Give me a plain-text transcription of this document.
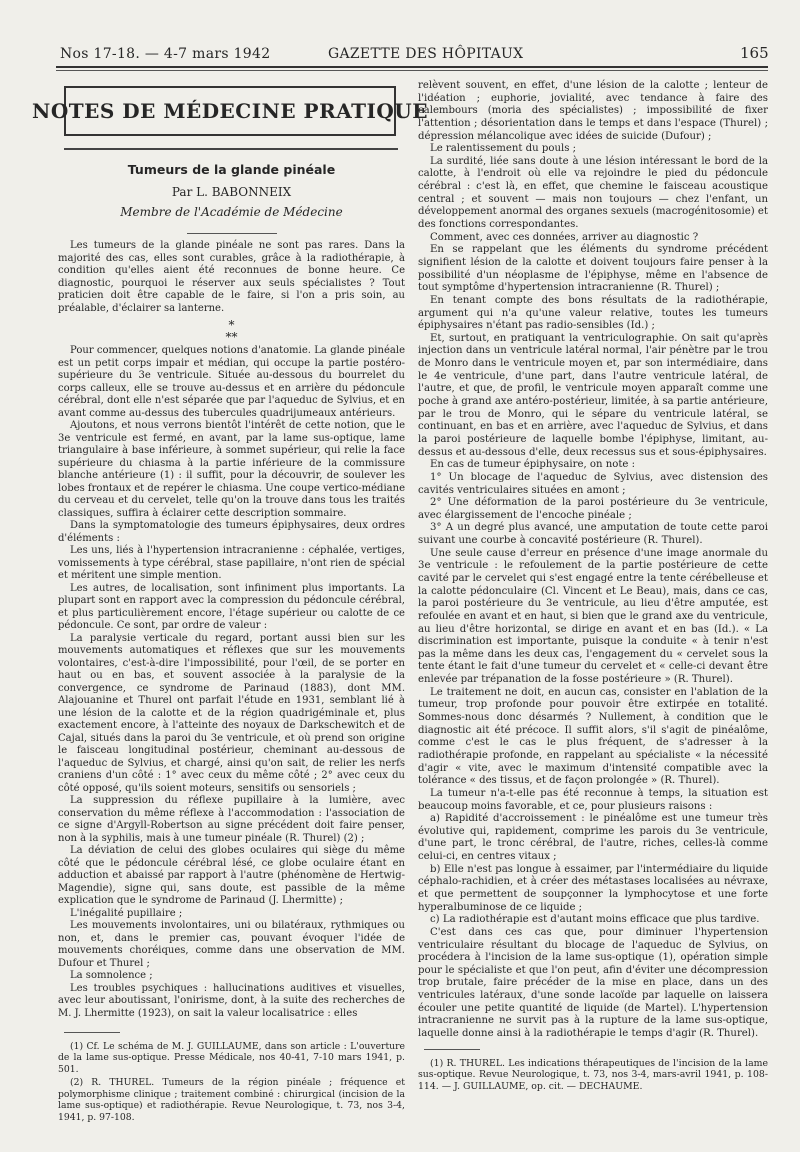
Nos 17-18. — 4-7 mars 1942	GAZETTE DES HÔPITAUX	165
NOTES DE MÉDECINE PRATIQUE
Tumeurs de la glande pinéale
Par L. BABONNEIX
Membre de l'Académie de Médecine

Les tumeurs de la glande pinéale ne sont pas rares. Dans la majorité des cas, elles sont curables, grâce à la radiothérapie, à condition qu'elles aient été reconnues de bonne heure. Ce diagnostic, pourquoi le réserver aux seuls spécialistes ? Tout praticien doit être capable de le faire, si l'on a pris soin, au préalable, d'éclairer sa lanterne.

*
**

Pour commencer, quelques notions d'anatomie. La glande pinéale est un petit corps impair et médian, qui occupe la partie postéro-supérieure du 3e ventricule. Située au-dessous du bourrelet du corps calleux, elle se trouve au-dessus et en arrière du pédoncule cérébral, dont elle n'est séparée que par l'aqueduc de Sylvius, et en avant comme au-dessus des tubercules quadrijumeaux antérieurs.

Ajoutons, et nous verrons bientôt l'intérêt de cette notion, que le 3e ventricule est fermé, en avant, par la lame sus-optique, lame triangulaire à base inférieure, à sommet supérieur, qui relie la face supérieure du chiasma à la partie inférieure de la commissure blanche antérieure (1) : il suffit, pour la découvrir, de soulever les lobes frontaux et de repérer le chiasma. Une coupe vertico-médiane du cerveau et du cervelet, telle qu'on la trouve dans tous les traités classiques, suffira à éclairer cette description sommaire.

Dans la symptomatologie des tumeurs épiphysaires, deux ordres d'éléments :

Les uns, liés à l'hypertension intracranienne : céphalée, vertiges, vomissements à type cérébral, stase papillaire, n'ont rien de spécial et méritent une simple mention.

Les autres, de localisation, sont infiniment plus importants. La plupart sont en rapport avec la compression du pédoncule cérébral, et plus particulièrement encore, l'étage supérieur ou calotte de ce pédoncule. Ce sont, par ordre de valeur :

La paralysie verticale du regard, portant aussi bien sur les mouvements automatiques et réflexes que sur les mouvements volontaires, c'est-à-dire l'impossibilité, pour l'œil, de se porter en haut ou en bas, et souvent associée à la paralysie de la convergence, ce syndrome de Parinaud (1883), dont MM. Alajouanine et Thurel ont parfait l'étude en 1931, semblant lié à une lésion de la calotte et de la région quadrigéminale et, plus exactement encore, à l'atteinte des noyaux de Darkschewitch et de Cajal, situés dans la paroi du 3e ventricule, et où prend son origine le faisceau longitudinal postérieur, cheminant au-dessous de l'aqueduc de Sylvius, et chargé, ainsi qu'on sait, de relier les nerfs craniens d'un côté : 1° avec ceux du même côté ; 2° avec ceux du côté opposé, qu'ils soient moteurs, sensitifs ou sensoriels ;

La suppression du réflexe pupillaire à la lumière, avec conservation du même réflexe à l'accommodation : l'association de ce signe d'Argyll-Robertson au signe précédent doit faire penser, non à la syphilis, mais à une tumeur pinéale (R. Thurel) (2) ;

La déviation de celui des globes oculaires qui siège du même côté que le pédoncule cérébral lésé, ce globe oculaire étant en adduction et abaissé par rapport à l'autre (phénomène de Hertwig-Magendie), signe qui, sans doute, est passible de la même explication que le syndrome de Parinaud (J. Lhermitte) ;

L'inégalité pupillaire ;

Les mouvements involontaires, uni ou bilatéraux, rythmiques ou non, et, dans le premier cas, pouvant évoquer l'idée de mouvements choréiques, comme dans une observation de MM. Dufour et Thurel ;

La somnolence ;

Les troubles psychiques : hallucinations auditives et visuelles, avec leur aboutissant, l'onirisme, dont, à la suite des recherches de M. J. Lhermitte (1923), on sait la valeur localisatrice : elles

(1) Cf. Le schéma de M. J. GUILLAUME, dans son article : L'ouverture de la lame sus-optique. Presse Médicale, nos 40-41, 7-10 mars 1941, p. 501.

(2) R. THUREL. Tumeurs de la région pinéale ; fréquence et polymorphisme clinique ; traitement combiné : chirurgical (incision de la lame sus-optique) et radiothérapie. Revue Neurologique, t. 73, nos 3-4, 1941, p. 97-108.

relèvent souvent, en effet, d'une lésion de la calotte ; lenteur de l'idéation ; euphorie, jovialité, avec tendance à faire des calembours (moria des spécialistes) ; impossibilité de fixer l'attention ; désorientation dans le temps et dans l'espace (Thurel) ; dépression mélancolique avec idées de suicide (Dufour) ;

Le ralentissement du pouls ;

La surdité, liée sans doute à une lésion intéressant le bord de la calotte, à l'endroit où elle va rejoindre le pied du pédoncule cérébral : c'est là, en effet, que chemine le faisceau acoustique central ; et souvent — mais non toujours — chez l'enfant, un développement anormal des organes sexuels (macrogénitosomie) et des fonctions correspondantes.

Comment, avec ces données, arriver au diagnostic ?

En se rappelant que les éléments du syndrome précédent signifient lésion de la calotte et doivent toujours faire penser à la possibilité d'un néoplasme de l'épiphyse, même en l'absence de tout symptôme d'hypertension intracranienne (R. Thurel) ;

En tenant compte des bons résultats de la radiothérapie, argument qui n'a qu'une valeur relative, toutes les tumeurs épiphysaires n'étant pas radio-sensibles (Id.) ;

Et, surtout, en pratiquant la ventriculographie. On sait qu'après injection dans un ventricule latéral normal, l'air pénètre par le trou de Monro dans le ventricule moyen et, par son intermédiaire, dans le 4e ventricule, d'une part, dans l'autre ventricule latéral, de l'autre, et que, de profil, le ventricule moyen apparaît comme une poche à grand axe antéro-postérieur, limitée, à sa partie antérieure, par le trou de Monro, qui le sépare du ventricule latéral, se continuant, en bas et en arrière, avec l'aqueduc de Sylvius, et dans la paroi postérieure de laquelle bombe l'épiphyse, limitant, au-dessus et au-dessous d'elle, deux recessus sus et sous-épiphysaires.

En cas de tumeur épiphysaire, on note :

1° Un blocage de l'aqueduc de Sylvius, avec distension des cavités ventriculaires situées en amont ;

2° Une déformation de la paroi postérieure du 3e ventricule, avec élargissement de l'encoche pinéale ;

3° A un degré plus avancé, une amputation de toute cette paroi suivant une courbe à concavité postérieure (R. Thurel).

Une seule cause d'erreur en présence d'une image anormale du 3e ventricule : le refoulement de la partie postérieure de cette cavité par le cervelet qui s'est engagé entre la tente cérébelleuse et la calotte pédonculaire (Cl. Vincent et Le Beau), mais, dans ce cas, la paroi postérieure du 3e ventricule, au lieu d'être amputée, est refoulée en avant et en haut, si bien que le grand axe du ventricule, au lieu d'être horizontal, se dirige en avant et en bas (Id.). « La discrimination est importante, puisque la conduite « à tenir n'est pas la même dans les deux cas, l'engagement du « cervelet sous la tente étant le fait d'une tumeur du cervelet et « celle-ci devant être enlevée par trépanation de la fosse postérieure » (R. Thurel).

Le traitement ne doit, en aucun cas, consister en l'ablation de la tumeur, trop profonde pour pouvoir être extirpée en totalité. Sommes-nous donc désarmés ? Nullement, à condition que le diagnostic ait été précoce. Il suffit alors, s'il s'agit de pinéalôme, comme c'est le cas le plus fréquent, de s'adresser à la radiothérapie profonde, en rappelant au spécialiste « la nécessité d'agir « vite, avec le maximum d'intensité compatible avec la tolérance « des tissus, et de façon prolongée » (R. Thurel).

La tumeur n'a-t-elle pas été reconnue à temps, la situation est beaucoup moins favorable, et ce, pour plusieurs raisons :

a) Rapidité d'accroissement : le pinéalôme est une tumeur très évolutive qui, rapidement, comprime les parois du 3e ventricule, d'une part, le tronc cérébral, de l'autre, riches, celles-là comme celui-ci, en centres vitaux ;

b) Elle n'est pas longue à essaimer, par l'intermédiaire du liquide céphalo-rachidien, et à créer des métastases localisées au névraxe, et que permettent de soupçonner la lymphocytose et une forte hyperalbuminose de ce liquide ;

c) La radiothérapie est d'autant moins efficace que plus tardive.

C'est dans ces cas que, pour diminuer l'hypertension ventriculaire résultant du blocage de l'aqueduc de Sylvius, on procédera à l'incision de la lame sus-optique (1), opération simple pour le spécialiste et que l'on peut, afin d'éviter une décompression trop brutale, faire précéder de la mise en place, dans un des ventricules latéraux, d'une sonde lacoïde par laquelle on laissera écouler une petite quantité de liquide (de Martel). L'hypertension intracranienne ne survit pas à la rupture de la lame sus-optique, laquelle donne ainsi à la radiothérapie le temps d'agir (R. Thurel).

(1) R. THUREL. Les indications thérapeutiques de l'incision de la lame sus-optique. Revue Neurologique, t. 73, nos 3-4, mars-avril 1941, p. 108-114. — J. GUILLAUME, op. cit. — DECHAUME.
